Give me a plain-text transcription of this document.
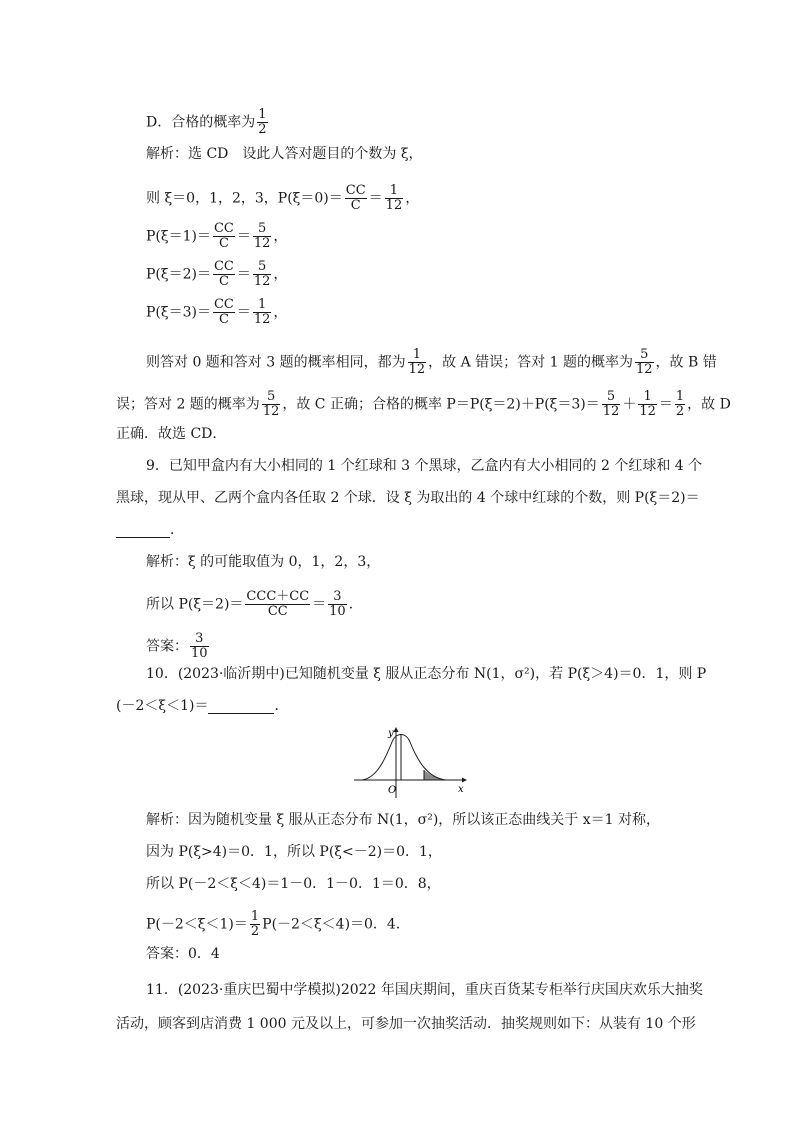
D．合格的概率为 $\frac{1}{2}$
解析：选 CD　设此人答对题目的个数为 ξ，
则 ξ＝0，1，2，3，$P(\xi=0)= \frac{CC}{C} = \frac{1}{12}$ ，
$P(\xi=1)= \frac{CC}{C} = \frac{5}{12}$ ，
$P(\xi=2)= \frac{CC}{C} = \frac{5}{12}$ ，
$P(\xi=3)= \frac{CC}{C} = \frac{1}{12}$ ，
则答对 0 题和答对 3 题的概率相同，都为 $\frac{1}{12}$ ，故 A 错误；答对 1 题的概率为 $\frac{5}{12}$ ，故 B 错
误；答对 2 题的概率为 $\frac{5}{12}$ ，故 C 正确；合格的概率 $P=P(\xi=2)+P(\xi=3)= \frac{5}{12} + \frac{1}{12} = \frac{1}{2}$ ，故 D
正确．故选 CD．
9．已知甲盒内有大小相同的 1 个红球和 3 个黑球，乙盒内有大小相同的 2 个红球和 4 个
黑球，现从甲、乙两个盒内各任取 2 个球．设 ξ 为取出的 4 个球中红球的个数，则 P(ξ＝2)＝
．
解析：ξ 的可能取值为 0，1，2，3，
所以 P(ξ＝2)＝ CCC＋CC
CC	＝ $\frac{3}{10}$ ．
答案： $\frac{3}{10}$
10．(2023·临沂期中)已知随机变量 ξ 服从正态分布 N(1，σ²)，若 P(ξ＞4)＝0．1，则 P
(－2＜ξ＜1)＝	．
y
O	x
解析：因为随机变量 ξ 服从正态分布 N(1，σ²)，所以该正态曲线关于 x＝1 对称，
因为 P(ξ>4)＝0．1，所以 P(ξ<－2)＝0．1，
所以 P(－2＜ξ＜4)＝1－0．1－0．1＝0．8，
$P(-2<\xi<1)= \frac{1}{2} P(-2<\xi<4)=0$．4．
答案：0．4
11．(2023·重庆巴蜀中学模拟)2022 年国庆期间，重庆百货某专柜举行庆国庆欢乐大抽奖
活动，顾客到店消费 1 000 元及以上，可参加一次抽奖活动．抽奖规则如下：从装有 10 个形
